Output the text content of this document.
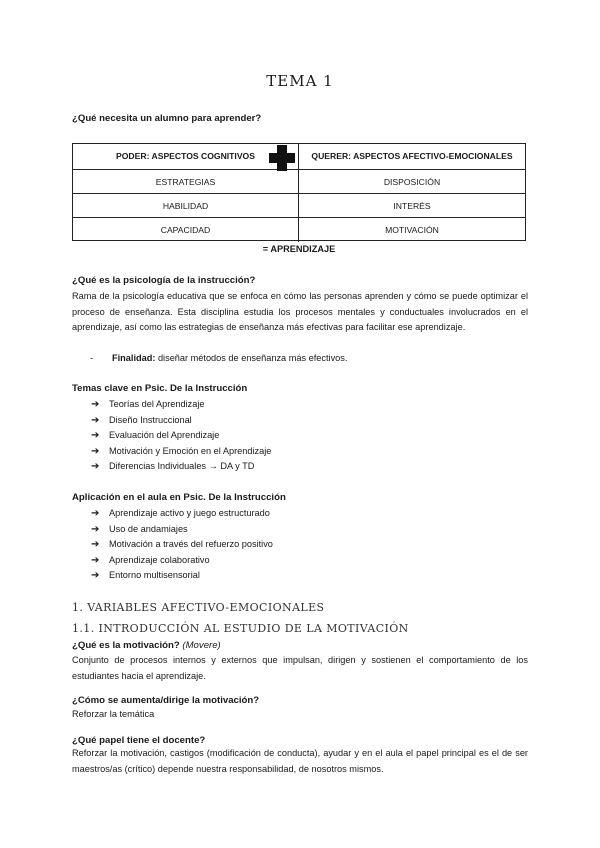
TEMA 1
¿Qué necesita un alumno para aprender?
PODER: ASPECTOS COGNITIVOS	QUERER: ASPECTOS AFECTIVO-EMOCIONALES
ESTRATEGIAS	DISPOSICIÓN
HABILIDAD	INTERÉS
CAPACIDAD	MOTIVACIÓN
= APRENDIZAJE
¿Qué es la psicología de la instrucción?
Rama de la psicología educativa que se enfoca en cómo las personas aprenden y cómo se puede optimizar el proceso de enseñanza. Esta disciplina estudia los procesos mentales y conductuales involucrados en el aprendizaje, así como las estrategias de enseñanza más efectivas para facilitar ese aprendizaje.
- Finalidad: diseñar métodos de enseñanza más efectivos.
Temas clave en Psic. De la Instrucción
➔ Teorías del Aprendizaje
➔ Diseño Instruccional
➔ Evaluación del Aprendizaje
➔ Motivación y Emoción en el Aprendizaje
➔ Diferencias Individuales → DA y TD
Aplicación en el aula en Psic. De la Instrucción
➔ Aprendizaje activo y juego estructurado
➔ Uso de andamiajes
➔ Motivación a través del refuerzo positivo
➔ Aprendizaje colaborativo
➔ Entorno multisensorial
1. VARIABLES AFECTIVO-EMOCIONALES
1.1. INTRODUCCIÓN AL ESTUDIO DE LA MOTIVACIÓN
¿Qué es la motivación? (Movere)
Conjunto de procesos internos y externos que impulsan, dirigen y sostienen el comportamiento de los estudiantes hacia el aprendizaje.
¿Cómo se aumenta/dirige la motivación?
Reforzar la temática
¿Qué papel tiene el docente?
Reforzar la motivación, castigos (modificación de conducta), ayudar y en el aula el papel principal es el de ser maestros/as (crítico) depende nuestra responsabilidad, de nosotros mismos.
